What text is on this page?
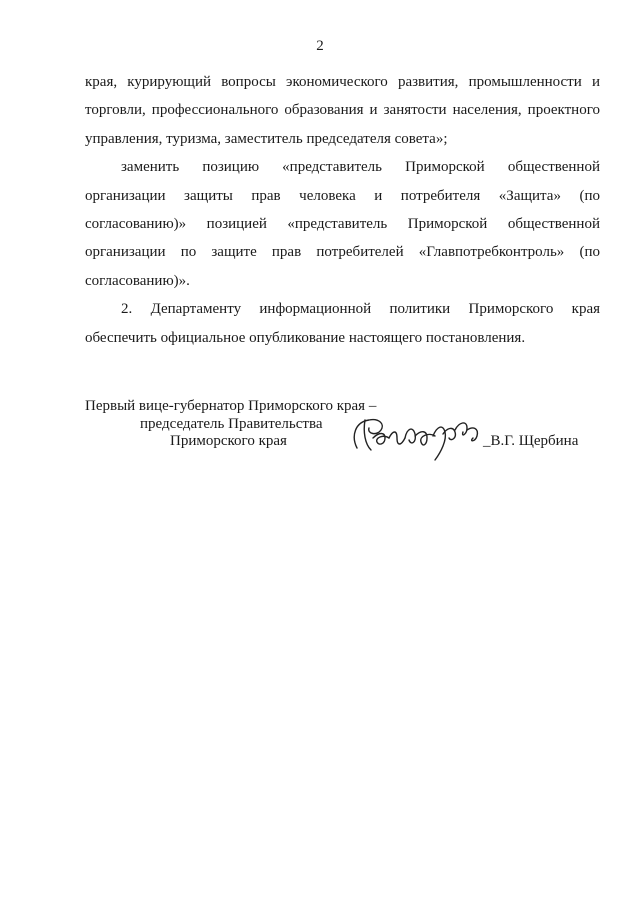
2

края, курирующий вопросы экономического развития, промышленности и торговли, профессионального образования и занятости населения, проектного управления, туризма, заместитель председателя совета»;

заменить позицию «представитель Приморской общественной организации защиты прав человека и потребителя «Защита» (по согласованию)» позицией «представитель Приморской общественной организации по защите прав потребителей «Главпотребконтроль» (по согласованию)».

2. Департаменту информационной политики Приморского края обеспечить официальное опубликование настоящего постановления.

Первый вице-губернатор Приморского края –
председатель Правительства
Приморского края	_В.Г. Щербина
